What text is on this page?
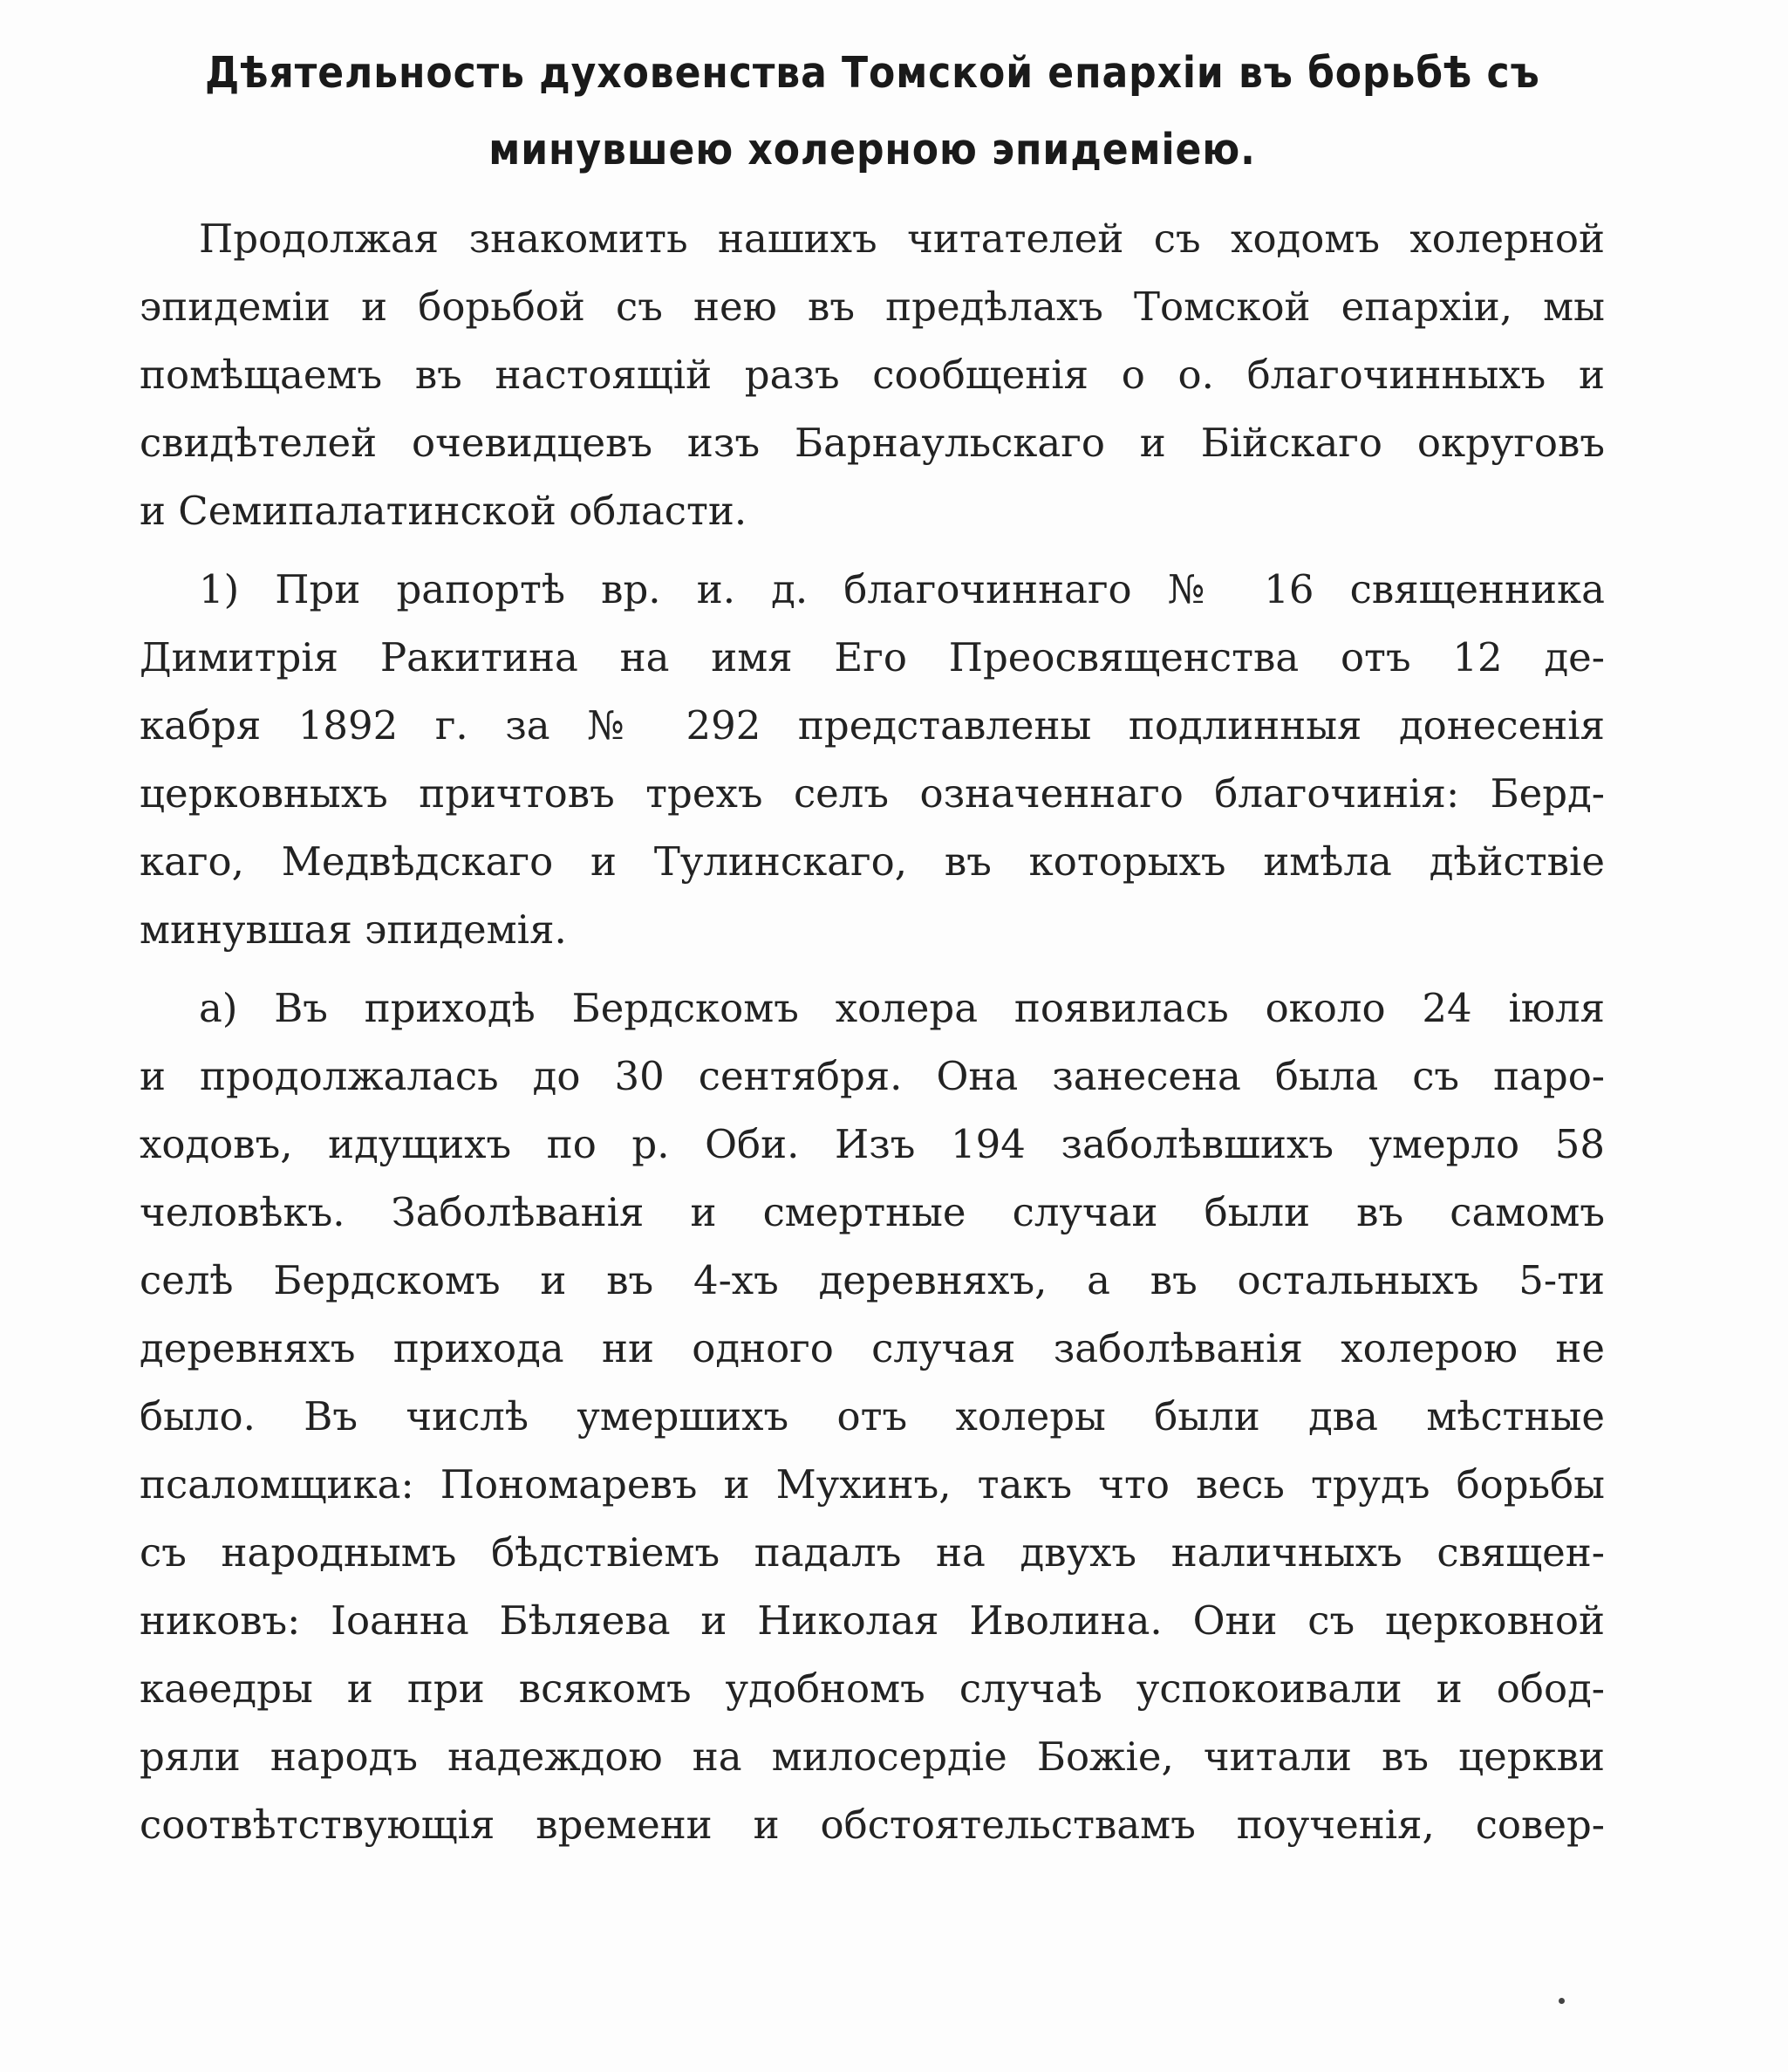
Дѣятельность духовенства Томской епархіи въ борьбѣ съ
минувшею холерною эпидеміею.

Продолжая знакомить нашихъ читателей съ ходомъ холерной
эпидеміи и борьбой съ нею въ предѣлахъ Томской епархіи, мы
помѣщаемъ въ настоящій разъ сообщенія о о. благочинныхъ и
свидѣтелей очевидцевъ изъ Барнаульскаго и Бійскаго округовъ
и Семипалатинской области.

1) При рапортѣ вр. и. д. благочиннаго № 16 священника
Димитрія Ракитина на имя Его Преосвященства отъ 12 де-
кабря 1892 г. за № 292 представлены подлинныя донесенія
церковныхъ причтовъ трехъ селъ означеннаго благочинія: Берд-
каго, Медвѣдскаго и Тулинскаго, въ которыхъ имѣла дѣйствіе
минувшая эпидемія.

а) Въ приходѣ Бердскомъ холера появилась около 24 іюля
и продолжалась до 30 сентября. Она занесена была съ паро-
ходовъ, идущихъ по р. Оби. Изъ 194 заболѣвшихъ умерло 58
человѣкъ. Заболѣванія и смертные случаи были въ самомъ
селѣ Бердскомъ и въ 4-хъ деревняхъ, а въ остальныхъ 5-ти
деревняхъ прихода ни одного случая заболѣванія холерою не
было. Въ числѣ умершихъ отъ холеры были два мѣстные
псаломщика: Пономаревъ и Мухинъ, такъ что весь трудъ борьбы
съ народнымъ бѣдствіемъ падалъ на двухъ наличныхъ священ-
никовъ: Іоанна Бѣляева и Николая Иволина. Они съ церковной
каѳедры и при всякомъ удобномъ случаѣ успокоивали и обод-
ряли народъ надеждою на милосердіе Божіе, читали въ церкви
соотвѣтствующія времени и обстоятельствамъ поученія, совер-
